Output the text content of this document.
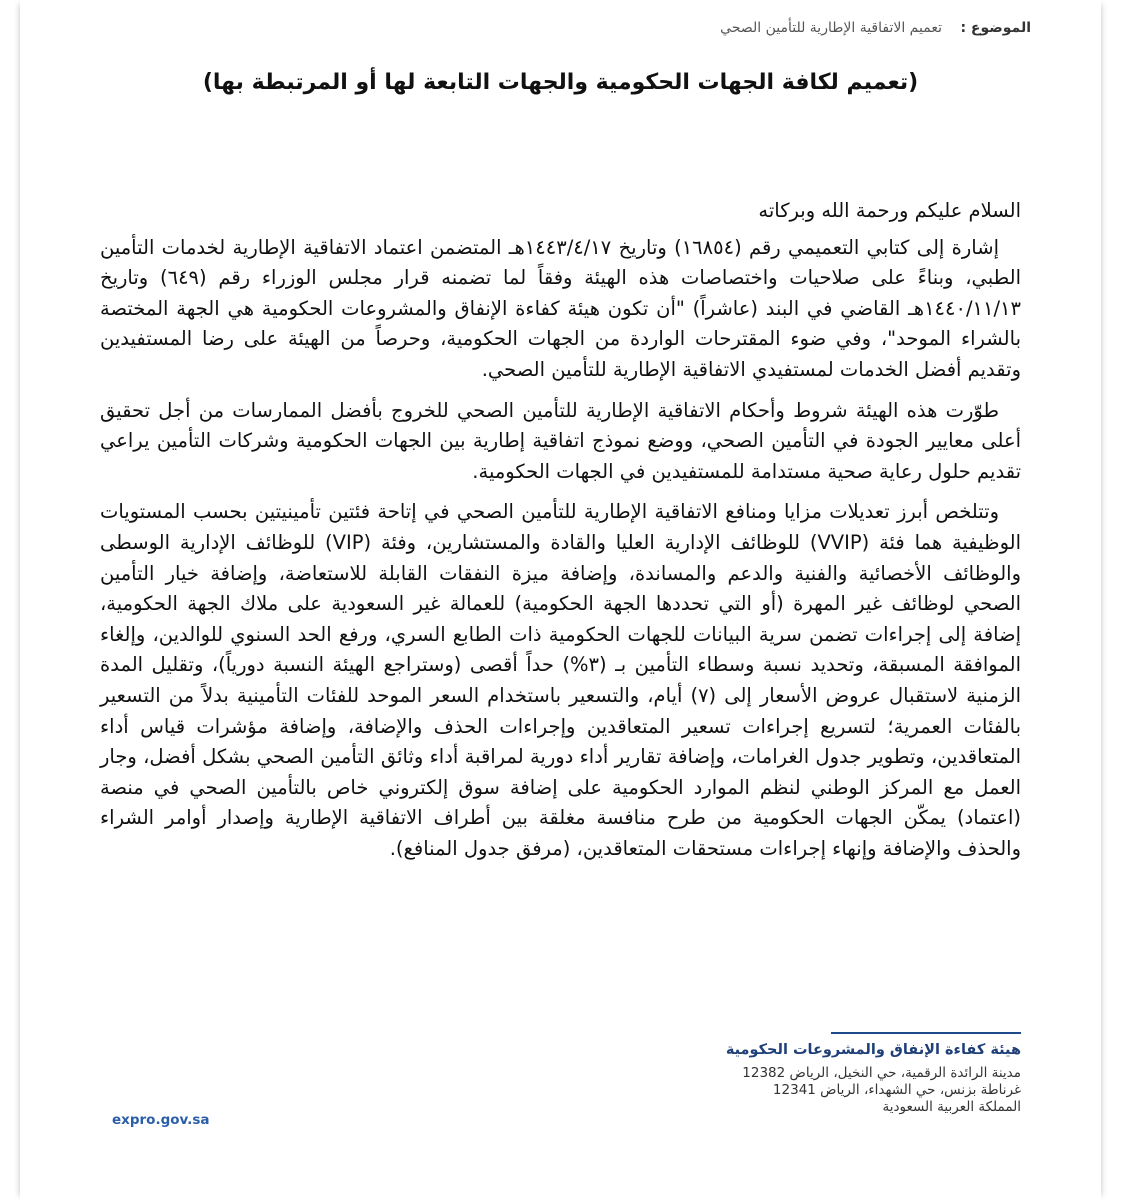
الموضوع : تعميم الاتفاقية الإطارية للتأمين الصحي
(تعميم لكافة الجهات الحكومية والجهات التابعة لها أو المرتبطة بها)

السلام عليكم ورحمة الله وبركاته

إشارة إلى كتابي التعميمي رقم (١٦٨٥٤) وتاريخ ١٤٤٣/٤/١٧هـ المتضمن اعتماد الاتفاقية الإطارية لخدمات التأمين الطبي، وبناءً على صلاحيات واختصاصات هذه الهيئة وفقاً لما تضمنه قرار مجلس الوزراء رقم (٦٤٩) وتاريخ ١٤٤٠/١١/١٣هـ القاضي في البند (عاشراً) "أن تكون هيئة كفاءة الإنفاق والمشروعات الحكومية هي الجهة المختصة بالشراء الموحد"، وفي ضوء المقترحات الواردة من الجهات الحكومية، وحرصاً من الهيئة على رضا المستفيدين وتقديم أفضل الخدمات لمستفيدي الاتفاقية الإطارية للتأمين الصحي.

طوّرت هذه الهيئة شروط وأحكام الاتفاقية الإطارية للتأمين الصحي للخروج بأفضل الممارسات من أجل تحقيق أعلى معايير الجودة في التأمين الصحي، ووضع نموذج اتفاقية إطارية بين الجهات الحكومية وشركات التأمين يراعي تقديم حلول رعاية صحية مستدامة للمستفيدين في الجهات الحكومية.

وتتلخص أبرز تعديلات مزايا ومنافع الاتفاقية الإطارية للتأمين الصحي في إتاحة فئتين تأمينيتين بحسب المستويات الوظيفية هما فئة (VVIP) للوظائف الإدارية العليا والقادة والمستشارين، وفئة (VIP) للوظائف الإدارية الوسطى والوظائف الأخصائية والفنية والدعم والمساندة، وإضافة ميزة النفقات القابلة للاستعاضة، وإضافة خيار التأمين الصحي لوظائف غير المهرة (أو التي تحددها الجهة الحكومية) للعمالة غير السعودية على ملاك الجهة الحكومية، إضافة إلى إجراءات تضمن سرية البيانات للجهات الحكومية ذات الطابع السري، ورفع الحد السنوي للوالدين، وإلغاء الموافقة المسبقة، وتحديد نسبة وسطاء التأمين بـ (٣%) حداً أقصى (وستراجع الهيئة النسبة دورياً)، وتقليل المدة الزمنية لاستقبال عروض الأسعار إلى (٧) أيام، والتسعير باستخدام السعر الموحد للفئات التأمينية بدلاً من التسعير بالفئات العمرية؛ لتسريع إجراءات تسعير المتعاقدين وإجراءات الحذف والإضافة، وإضافة مؤشرات قياس أداء المتعاقدين، وتطوير جدول الغرامات، وإضافة تقارير أداء دورية لمراقبة أداء وثائق التأمين الصحي بشكل أفضل، وجار العمل مع المركز الوطني لنظم الموارد الحكومية على إضافة سوق إلكتروني خاص بالتأمين الصحي في منصة (اعتماد) يمكّن الجهات الحكومية من طرح منافسة مغلقة بين أطراف الاتفاقية الإطارية وإصدار أوامر الشراء والحذف والإضافة وإنهاء إجراءات مستحقات المتعاقدين، (مرفق جدول المنافع).

هيئة كفاءة الإنفاق والمشروعات الحكومية
مدينة الرائدة الرقمية، حي النخيل، الرياض 12382
غرناطة بزنس، حي الشهداء، الرياض 12341
المملكة العربية السعودية
expro.gov.sa
